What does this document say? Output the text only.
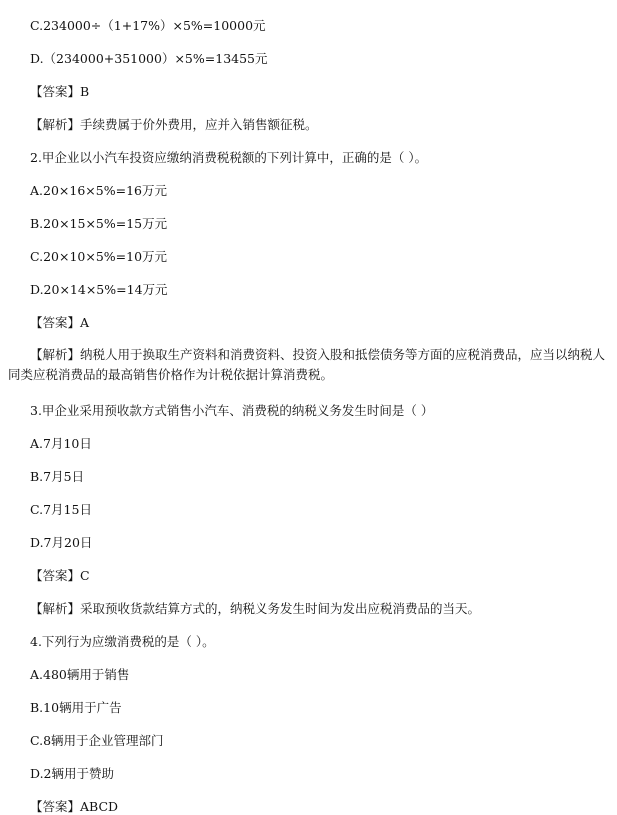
C.234000÷（1+17%）×5%=10000元
D.（234000+351000）×5%=13455元
【答案】B
【解析】手续费属于价外费用，应并入销售额征税。
2.甲企业以小汽车投资应缴纳消费税税额的下列计算中，正确的是（ ）。
A.20×16×5%=16万元
B.20×15×5%=15万元
C.20×10×5%=10万元
D.20×14×5%=14万元
【答案】A
【解析】纳税人用于换取生产资料和消费资料、投资入股和抵偿债务等方面的应税消费品，应当以纳税人同类应税消费品的最高销售价格作为计税依据计算消费税。
3.甲企业采用预收款方式销售小汽车、消费税的纳税义务发生时间是（ ）
A.7月10日
B.7月5日
C.7月15日
D.7月20日
【答案】C
【解析】采取预收货款结算方式的，纳税义务发生时间为发出应税消费品的当天。
4.下列行为应缴消费税的是（ ）。
A.480辆用于销售
B.10辆用于广告
C.8辆用于企业管理部门
D.2辆用于赞助
【答案】ABCD
